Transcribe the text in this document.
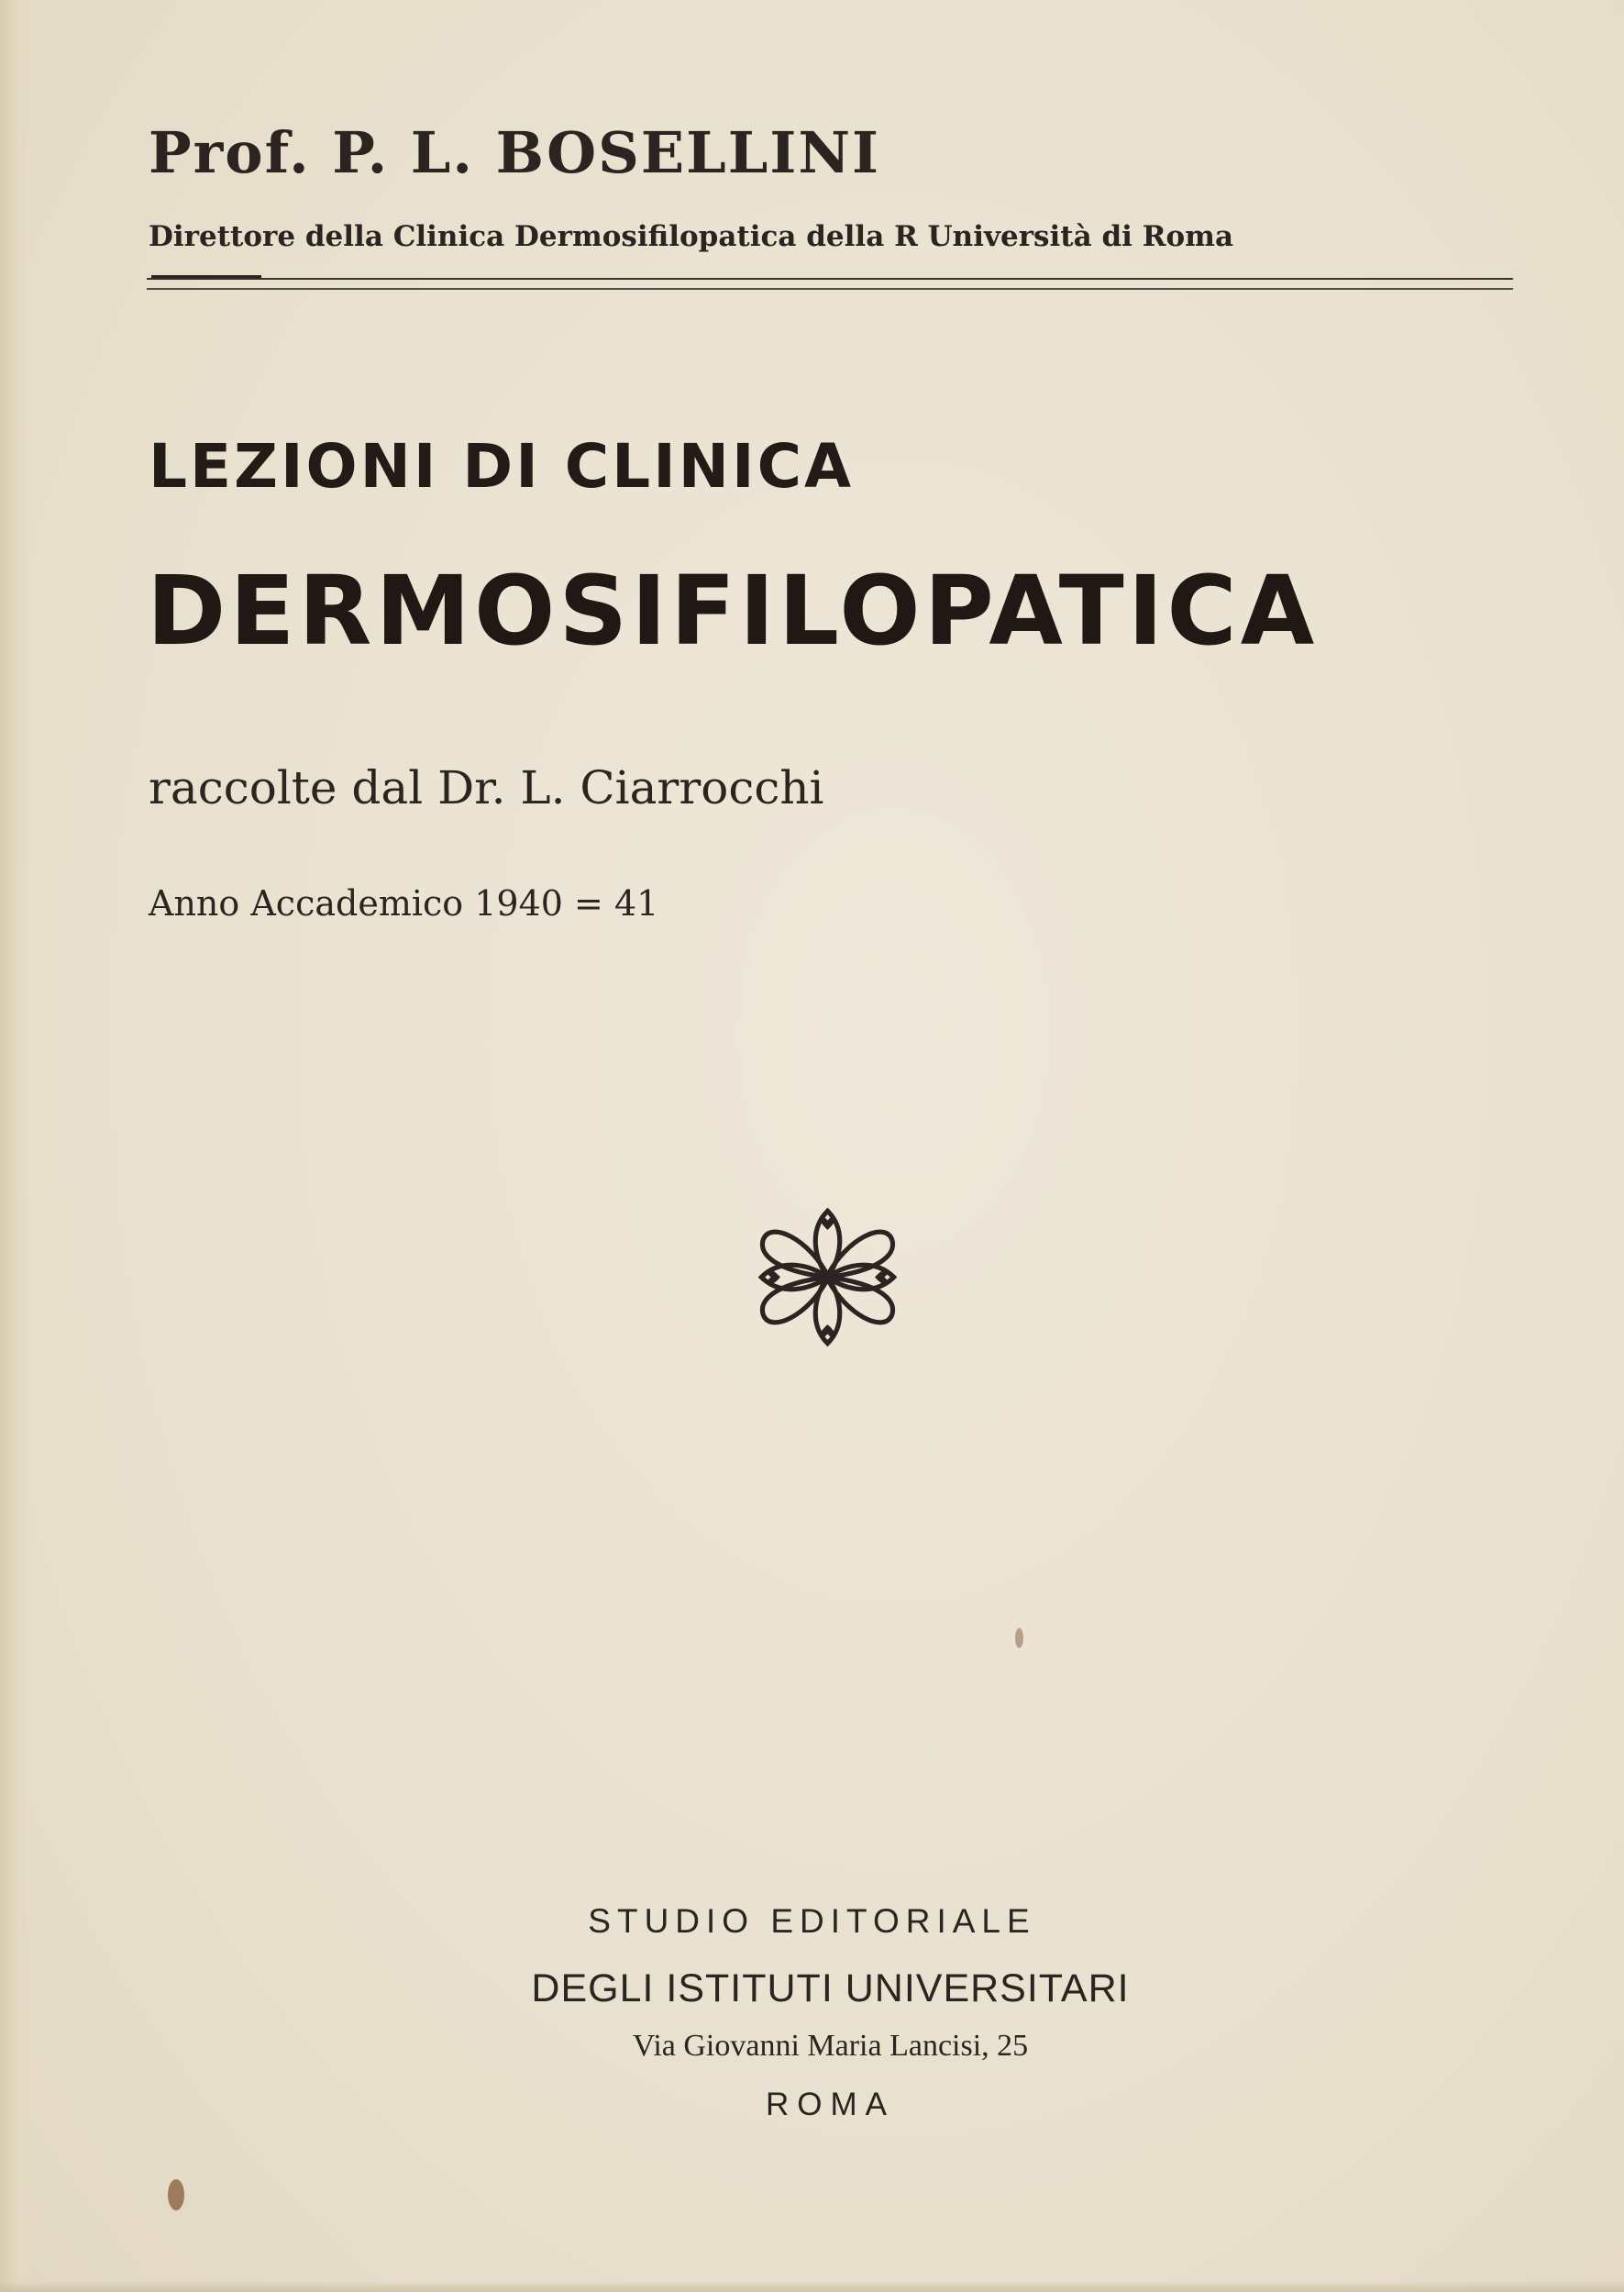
Prof. P. L. BOSELLINI
Direttore della Clinica Dermosifilopatica della R Università di Roma
LEZIONI DI CLINICA
DERMOSIFILOPATICA
raccolte dal Dr. L. Ciarrocchi
Anno Accademico 1940 = 41
STUDIO EDITORIALE
DEGLI ISTITUTI UNIVERSITARI
Via Giovanni Maria Lancisi, 25
ROMA
